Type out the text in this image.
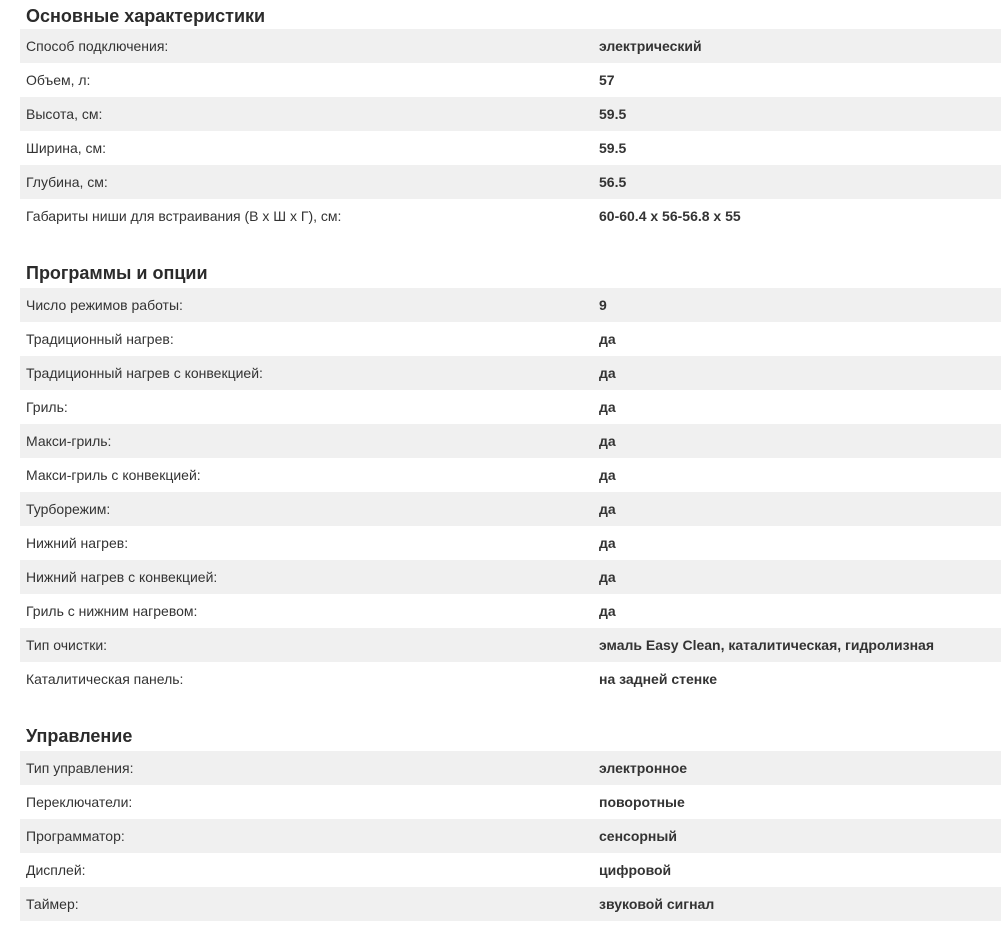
Основные характеристики
Способ подключения:	электрический
Объем, л:	57
Высота, см:	59.5
Ширина, см:	59.5
Глубина, см:	56.5
Габариты ниши для встраивания (В х Ш х Г), см:	60-60.4 x 56-56.8 x 55
Программы и опции
Число режимов работы:	9
Традиционный нагрев:	да
Традиционный нагрев с конвекцией:	да
Гриль:	да
Макси-гриль:	да
Макси-гриль с конвекцией:	да
Турборежим:	да
Нижний нагрев:	да
Нижний нагрев с конвекцией:	да
Гриль с нижним нагревом:	да
Тип очистки:	эмаль Easy Clean, каталитическая, гидролизная
Каталитическая панель:	на задней стенке
Управление
Тип управления:	электронное
Переключатели:	поворотные
Программатор:	сенсорный
Дисплей:	цифровой
Таймер:	звуковой сигнал
